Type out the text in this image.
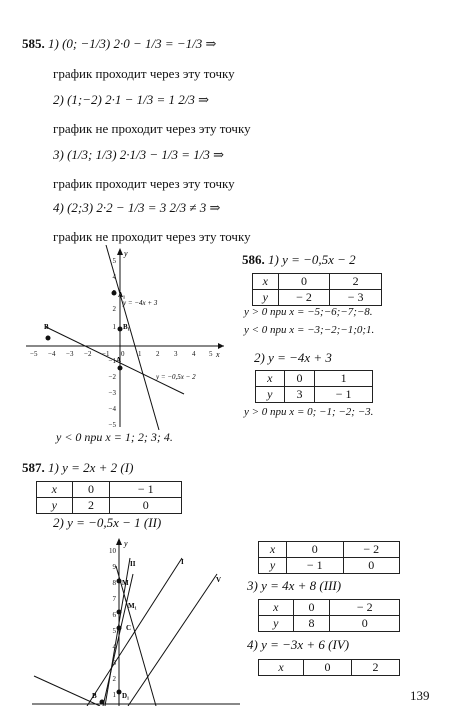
585. 1) (0; −1/3) 2·0 − 1/3 = −1/3 ⇒
график проходит через эту точку
2) (1;−2) 2·1 − 1/3 = 1 2/3 ⇒
график не проходит через эту точку
3) (1/3; 1/3) 2·1/3 − 1/3 = 1/3 ⇒
график проходит через эту точку
4) (2;3) 2·2 − 1/3 = 3 2/3 ≠ 3 ⇒
график не проходит через эту точку
y
x
y = −4x + 3
y = −0,5x − 2
−5 −4 −3 −2 −1 0 1 2 3 4 5
5
4
2
1
−1
−2
−3
−4
−5
A₁
B₁
A
B
y < 0 при x = 1; 2; 3; 4.
586. 1) y = −0,5x − 2
x	0	2
y	− 2	− 3
y > 0 при x = −5;−6;−7;−8.
y < 0 при x = −3;−2;−1;0;1.
2) y = −4x + 3
x	0	1
y	3	− 1
y > 0 при x = 0; −1; −2; −3.
587. 1) y = 2x + 2 (I)
x	0	− 1
y	2	0
2) y = −0,5x − 1 (II)
y
II	I
V
10
9
8
7
6
5
4
3
2
1
M
M₁
C
B	D₁
x	0	− 2
y	− 1	0
3) y = 4x + 8 (III)
x	0	− 2
y	8	0
4) y = −3x + 6 (IV)
x	0	2
139
